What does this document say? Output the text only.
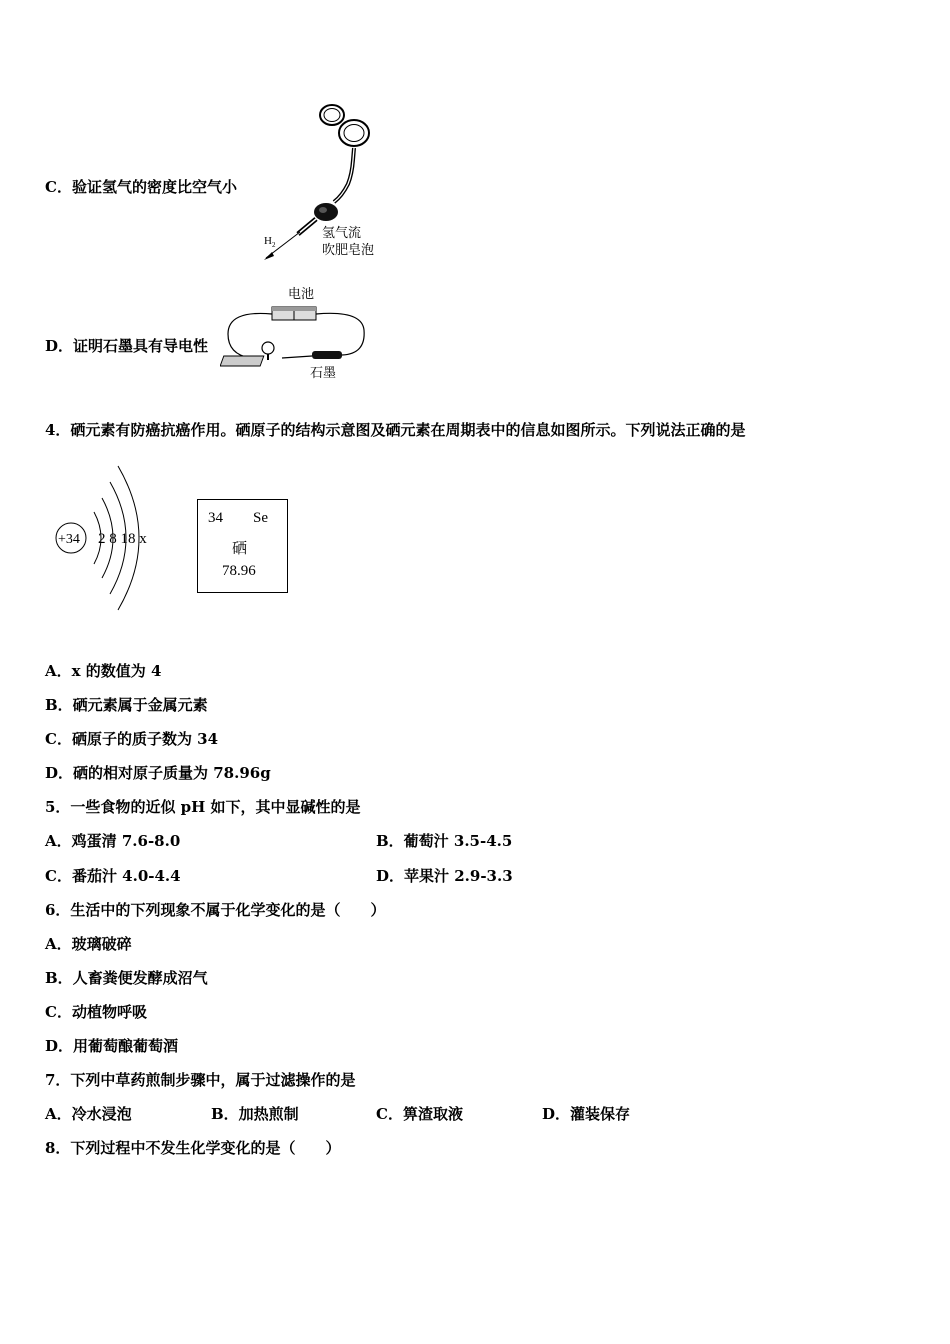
C．验证氢气的密度比空气小
H 2
氢气流
吹肥皂泡
D．证明石墨具有导电性
电池
石墨
4．硒元素有防癌抗癌作用。硒原子的结构示意图及硒元素在周期表中的信息如图所示。下列说法正确的是
+34 2 8 18 x
34 Se
硒
78.96
A．x 的数值为 4
B．硒元素属于金属元素
C．硒原子的质子数为 34
D．硒的相对原子质量为 78.96g
5．一些食物的近似 pH 如下，其中显碱性的是
A．鸡蛋清 7.6-8.0	B．葡萄汁 3.5-4.5
C．番茄汁 4.0-4.4	D．苹果汁 2.9-3.3
6．生活中的下列现象不属于化学变化的是（　　）
A．玻璃破碎
B．人畜粪便发酵成沼气
C．动植物呼吸
D．用葡萄酿葡萄酒
7．下列中草药煎制步骤中，属于过滤操作的是
A．冷水浸泡	B．加热煎制	C．箅渣取液	D．灌装保存
8．下列过程中不发生化学变化的是（　　）
